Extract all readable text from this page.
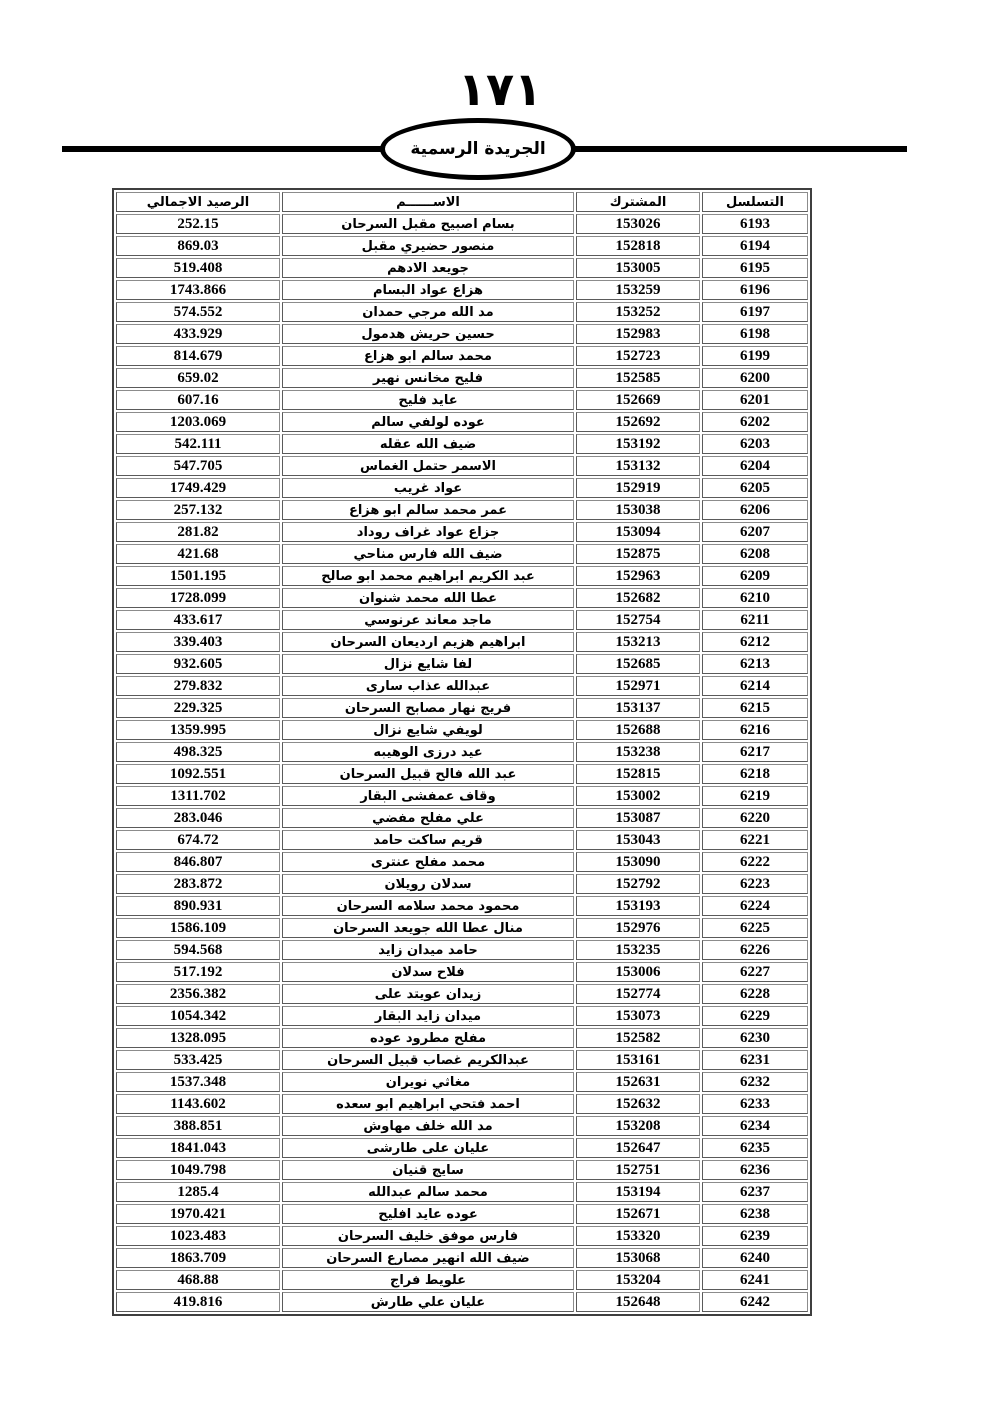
١٧١
الجريدة الرسمية
التسلسل	المشترك	الاســــــم	الرصيد الاجمالي
6193	153026	بسام اصبيح مقبل السرحان	252.15
6194	152818	منصور حضيري مقبل	869.03
6195	153005	جويعد الادهم	519.408
6196	153259	هزاع عواد البسام	1743.866
6197	153252	مد الله مرجي حمدان	574.552
6198	152983	حسين حريش هدمول	433.929
6199	152723	محمد سالم ابو هزاع	814.679
6200	152585	فليح مخانس نهير	659.02
6201	152669	عايد فليح	607.16
6202	152692	عوده لولفي سالم	1203.069
6203	153192	ضيف الله عقله	542.111
6204	153132	الاسمر حتمل الغماس	547.705
6205	152919	عواد غريب	1749.429
6206	153038	عمر محمد سالم ابو هزاع	257.132
6207	153094	جزاع عواد غراف روداد	281.82
6208	152875	ضيف الله فارس مناحي	421.68
6209	152963	عبد الكريم ابراهيم محمد ابو صالح	1501.195
6210	152682	عطا الله محمد شنوان	1728.099
6211	152754	ماجد معاند عرنوسي	433.617
6212	153213	ابراهيم هزيم ارديعان السرحان	339.403
6213	152685	لفا شايع نزال	932.605
6214	152971	عبدالله عذاب سارى	279.832
6215	153137	فريج نهار مصابح السرحان	229.325
6216	152688	لويفي شايع نزال	1359.995
6217	153238	عيد درزى الوهيبه	498.325
6218	152815	عبد الله فالح قبيل السرحان	1092.551
6219	153002	وقاف عمفشى البقار	1311.702
6220	153087	علي مفلح مفضي	283.046
6221	153043	قريم ساكت حامد	674.72
6222	153090	محمد مفلح عنترى	846.807
6223	152792	سدلان رويلان	283.872
6224	153193	محمود محمد سلامه السرحان	890.931
6225	152976	منال عطا الله جويعد السرحان	1586.109
6226	153235	حامد ميدان زايد	594.568
6227	153006	فلاح سدلان	517.192
6228	152774	زيدان عويتد على	2356.382
6229	153073	ميدان زايد البقار	1054.342
6230	152582	مفلح مطرود عوده	1328.095
6231	153161	عبدالكريم غصاب قبيل السرحان	533.425
6232	152631	مغاثي نويران	1537.348
6233	152632	احمد فتحي ابراهيم ابو سعده	1143.602
6234	153208	مد الله خلف مهاوش	388.851
6235	152647	عليان على طارشى	1841.043
6236	152751	سايج قنيان	1049.798
6237	153194	محمد سالم عبدالله	1285.4
6238	152671	عوده عايد افليح	1970.421
6239	153320	فارس موفق خليف السرحان	1023.483
6240	153068	ضيف الله انهير مصارع السرحان	1863.709
6241	153204	علويط فراج	468.88
6242	152648	عليان علي طارش	419.816
